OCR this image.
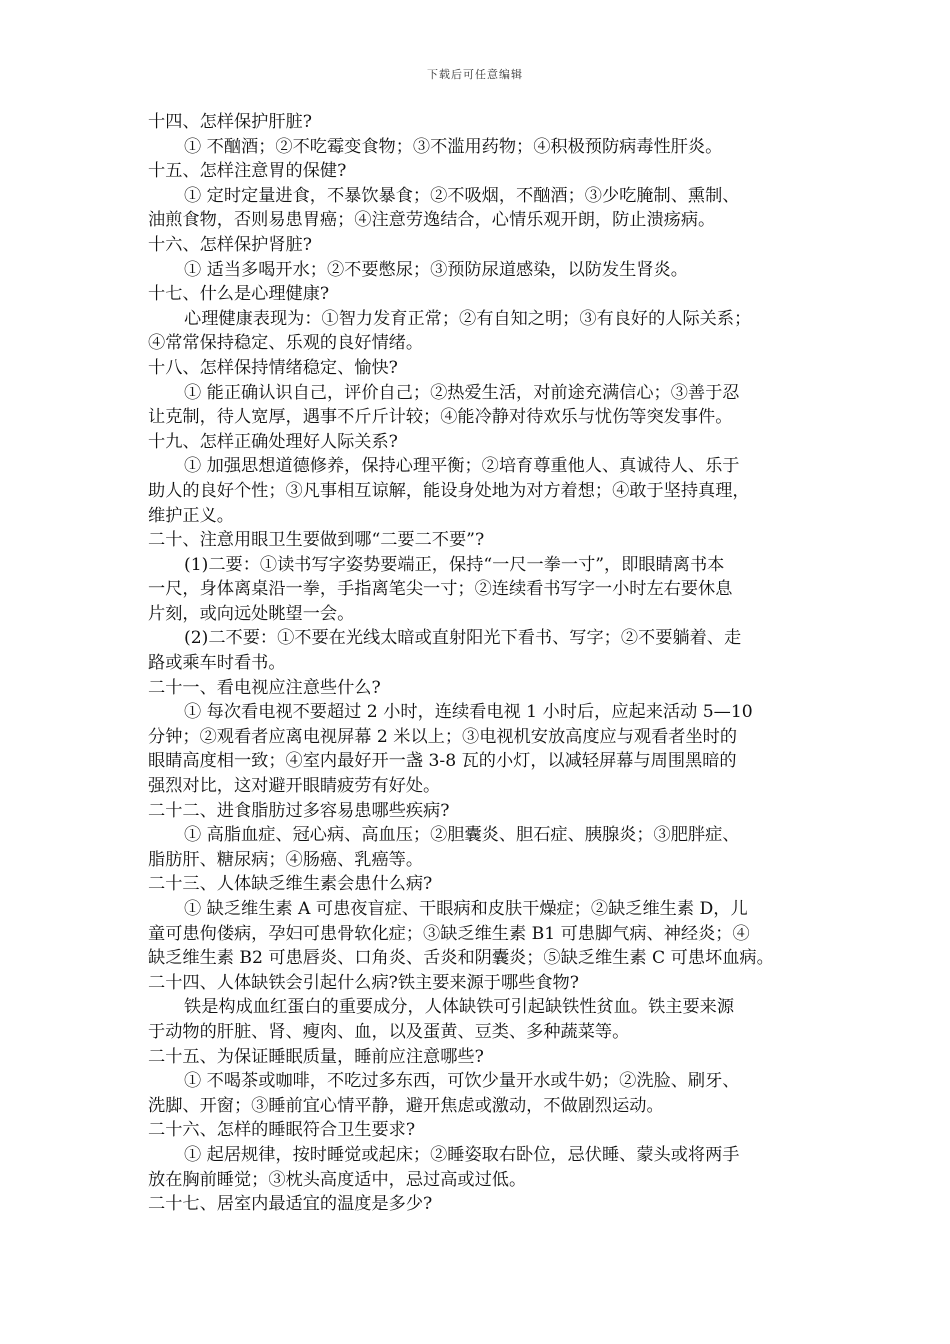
下载后可任意编辑
十四、怎样保护肝脏?
① 不酗酒；②不吃霉变食物；③不滥用药物；④积极预防病毒性肝炎。
十五、怎样注意胃的保健?
① 定时定量进食，不暴饮暴食；②不吸烟，不酗酒；③少吃腌制、熏制、
油煎食物，否则易患胃癌；④注意劳逸结合，心情乐观开朗，防止溃疡病。
十六、怎样保护肾脏?
① 适当多喝开水；②不要憋尿；③预防尿道感染，以防发生肾炎。
十七、什么是心理健康?
心理健康表现为：①智力发育正常；②有自知之明；③有良好的人际关系；
④常常保持稳定、乐观的良好情绪。
十八、怎样保持情绪稳定、愉快?
① 能正确认识自己，评价自己；②热爱生活，对前途充满信心；③善于忍
让克制，待人宽厚，遇事不斤斤计较；④能冷静对待欢乐与忧伤等突发事件。
十九、怎样正确处理好人际关系?
① 加强思想道德修养，保持心理平衡；②培育尊重他人、真诚待人、乐于
助人的良好个性；③凡事相互谅解，能设身处地为对方着想；④敢于坚持真理，
维护正义。
二十、注意用眼卫生要做到哪“二要二不要”?
(1)二要：①读书写字姿势要端正，保持“一尺一拳一寸”，即眼睛离书本
一尺，身体离桌沿一拳，手指离笔尖一寸；②连续看书写字一小时左右要休息
片刻，或向远处眺望一会。
(2)二不要：①不要在光线太暗或直射阳光下看书、写字；②不要躺着、走
路或乘车时看书。
二十一、看电视应注意些什么?
① 每次看电视不要超过 2 小时，连续看电视 1 小时后，应起来活动 5—10
分钟；②观看者应离电视屏幕 2 米以上；③电视机安放高度应与观看者坐时的
眼睛高度相一致；④室内最好开一盏 3-8 瓦的小灯，以减轻屏幕与周围黑暗的
强烈对比，这对避开眼睛疲劳有好处。
二十二、进食脂肪过多容易患哪些疾病?
① 高脂血症、冠心病、高血压；②胆囊炎、胆石症、胰腺炎；③肥胖症、
脂肪肝、糖尿病；④肠癌、乳癌等。
二十三、人体缺乏维生素会患什么病?
① 缺乏维生素 A 可患夜盲症、干眼病和皮肤干燥症；②缺乏维生素 D，儿
童可患佝偻病，孕妇可患骨软化症；③缺乏维生素 B1 可患脚气病、神经炎；④
缺乏维生素 B2 可患唇炎、口角炎、舌炎和阴囊炎；⑤缺乏维生素 C 可患坏血病。
二十四、人体缺铁会引起什么病?铁主要来源于哪些食物?
铁是构成血红蛋白的重要成分，人体缺铁可引起缺铁性贫血。铁主要来源
于动物的肝脏、肾、瘦肉、血，以及蛋黄、豆类、多种蔬菜等。
二十五、为保证睡眠质量，睡前应注意哪些?
① 不喝茶或咖啡，不吃过多东西，可饮少量开水或牛奶；②洗脸、刷牙、
洗脚、开窗；③睡前宜心情平静，避开焦虑或激动，不做剧烈运动。
二十六、怎样的睡眠符合卫生要求?
① 起居规律，按时睡觉或起床；②睡姿取右卧位，忌伏睡、蒙头或将两手
放在胸前睡觉；③枕头高度适中，忌过高或过低。
二十七、居室内最适宜的温度是多少?
